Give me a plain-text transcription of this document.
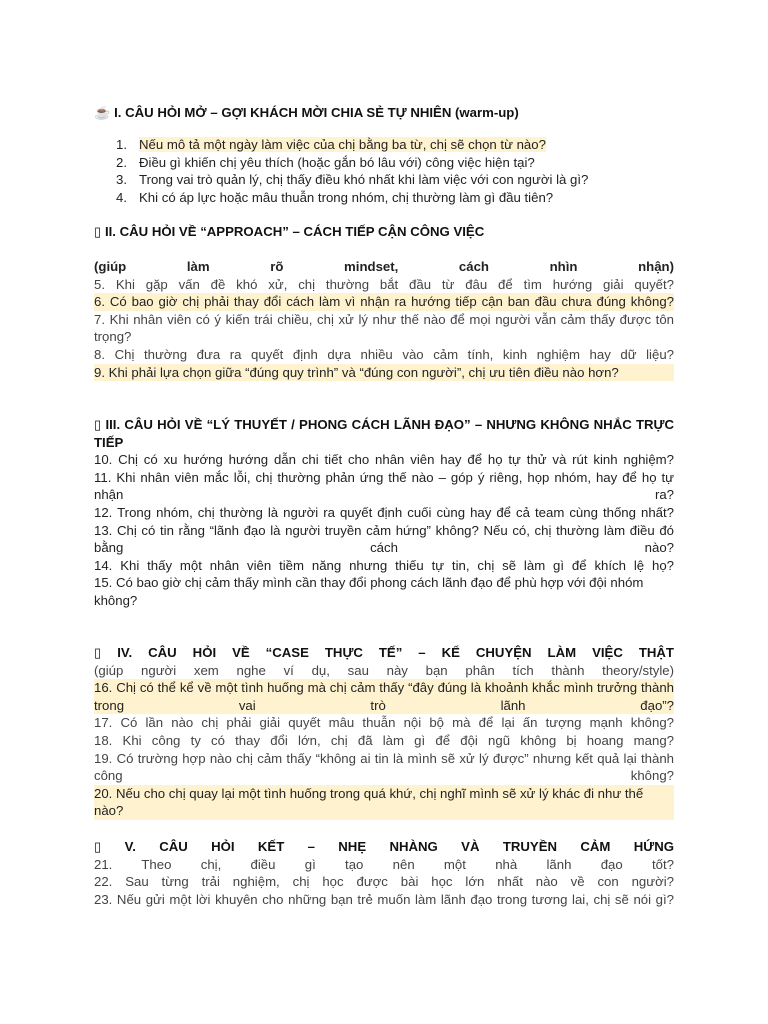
☕ I. CÂU HỎI MỞ – GỢI KHÁCH MỜI CHIA SẺ TỰ NHIÊN (warm-up)
1. Nếu mô tả một ngày làm việc của chị bằng ba từ, chị sẽ chọn từ nào?
2. Điều gì khiến chị yêu thích (hoặc gắn bó lâu với) công việc hiện tại?
3. Trong vai trò quản lý, chị thấy điều khó nhất khi làm việc với con người là gì?
4. Khi có áp lực hoặc mâu thuẫn trong nhóm, chị thường làm gì đầu tiên?
▯ II. CÂU HỎI VỀ “APPROACH” – CÁCH TIẾP CẬN CÔNG VIỆC
(giúp làm rõ mindset, cách nhìn nhận)
5. Khi gặp vấn đề khó xử, chị thường bắt đầu từ đâu để tìm hướng giải quyết?
6. Có bao giờ chị phải thay đổi cách làm vì nhận ra hướng tiếp cận ban đầu chưa đúng không?
7. Khi nhân viên có ý kiến trái chiều, chị xử lý như thế nào để mọi người vẫn cảm thấy được tôn trọng?
8. Chị thường đưa ra quyết định dựa nhiều vào cảm tính, kinh nghiệm hay dữ liệu?
9. Khi phải lựa chọn giữa “đúng quy trình” và “đúng con người”, chị ưu tiên điều nào hơn?
▯ III. CÂU HỎI VỀ “LÝ THUYẾT / PHONG CÁCH LÃNH ĐẠO” – NHƯNG KHÔNG NHẮC TRỰC TIẾP
10. Chị có xu hướng hướng dẫn chi tiết cho nhân viên hay để họ tự thử và rút kinh nghiệm?
11. Khi nhân viên mắc lỗi, chị thường phản ứng thế nào – góp ý riêng, họp nhóm, hay để họ tự nhận ra?
12. Trong nhóm, chị thường là người ra quyết định cuối cùng hay để cả team cùng thống nhất?
13. Chị có tin rằng “lãnh đạo là người truyền cảm hứng” không? Nếu có, chị thường làm điều đó bằng cách nào?
14. Khi thấy một nhân viên tiềm năng nhưng thiếu tự tin, chị sẽ làm gì để khích lệ họ?
15. Có bao giờ chị cảm thấy mình cần thay đổi phong cách lãnh đạo để phù hợp với đội nhóm không?
▯ IV. CÂU HỎI VỀ “CASE THỰC TẾ” – KỂ CHUYỆN LÀM VIỆC THẬT
(giúp người xem nghe ví dụ, sau này bạn phân tích thành theory/style)
16. Chị có thể kể về một tình huống mà chị cảm thấy “đây đúng là khoảnh khắc mình trưởng thành trong vai trò lãnh đạo”?
17. Có lần nào chị phải giải quyết mâu thuẫn nội bộ mà để lại ấn tượng mạnh không?
18. Khi công ty có thay đổi lớn, chị đã làm gì để đội ngũ không bị hoang mang?
19. Có trường hợp nào chị cảm thấy “không ai tin là mình sẽ xử lý được” nhưng kết quả lại thành công không?
20. Nếu cho chị quay lại một tình huống trong quá khứ, chị nghĩ mình sẽ xử lý khác đi như thế nào?
▯ V. CÂU HỎI KẾT – NHẸ NHÀNG VÀ TRUYỀN CẢM HỨNG
21. Theo chị, điều gì tạo nên một nhà lãnh đạo tốt?
22. Sau từng trải nghiệm, chị học được bài học lớn nhất nào về con người?
23. Nếu gửi một lời khuyên cho những bạn trẻ muốn làm lãnh đạo trong tương lai, chị sẽ nói gì?
